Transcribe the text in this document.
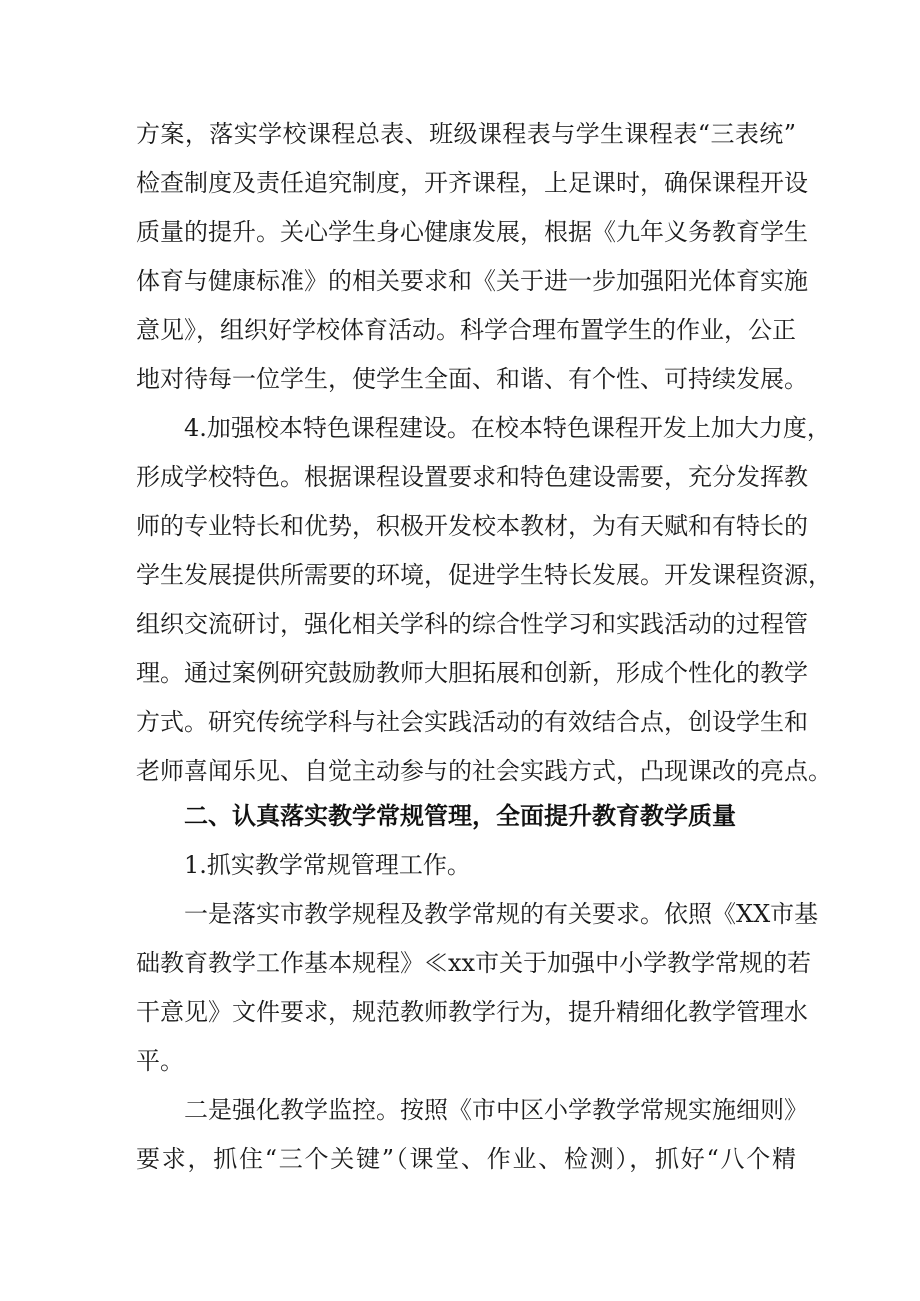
方案，落实学校课程总表、班级课程表与学生课程表“三表统”
检查制度及责任追究制度，开齐课程，上足课时，确保课程开设
质量的提升。关心学生身心健康发展，根据《九年义务教育学生
体育与健康标准》的相关要求和《关于进一步加强阳光体育实施
意见》，组织好学校体育活动。科学合理布置学生的作业，公正
地对待每一位学生，使学生全面、和谐、有个性、可持续发展。
4.加强校本特色课程建设。在校本特色课程开发上加大力度，
形成学校特色。根据课程设置要求和特色建设需要，充分发挥教
师的专业特长和优势，积极开发校本教材，为有天赋和有特长的
学生发展提供所需要的环境，促进学生特长发展。开发课程资源，
组织交流研讨，强化相关学科的综合性学习和实践活动的过程管
理。通过案例研究鼓励教师大胆拓展和创新，形成个性化的教学
方式。研究传统学科与社会实践活动的有效结合点，创设学生和
老师喜闻乐见、自觉主动参与的社会实践方式，凸现课改的亮点。
二、认真落实教学常规管理，全面提升教育教学质量
1.抓实教学常规管理工作。
一是落实市教学规程及教学常规的有关要求。依照《XX市基
础教育教学工作基本规程》≪xx市关于加强中小学教学常规的若
干意见》文件要求，规范教师教学行为，提升精细化教学管理水
平。
二是强化教学监控。按照《市中区小学教学常规实施细则》
要求，抓住“三个关键”（课堂、作业、检测），抓好“八个精
